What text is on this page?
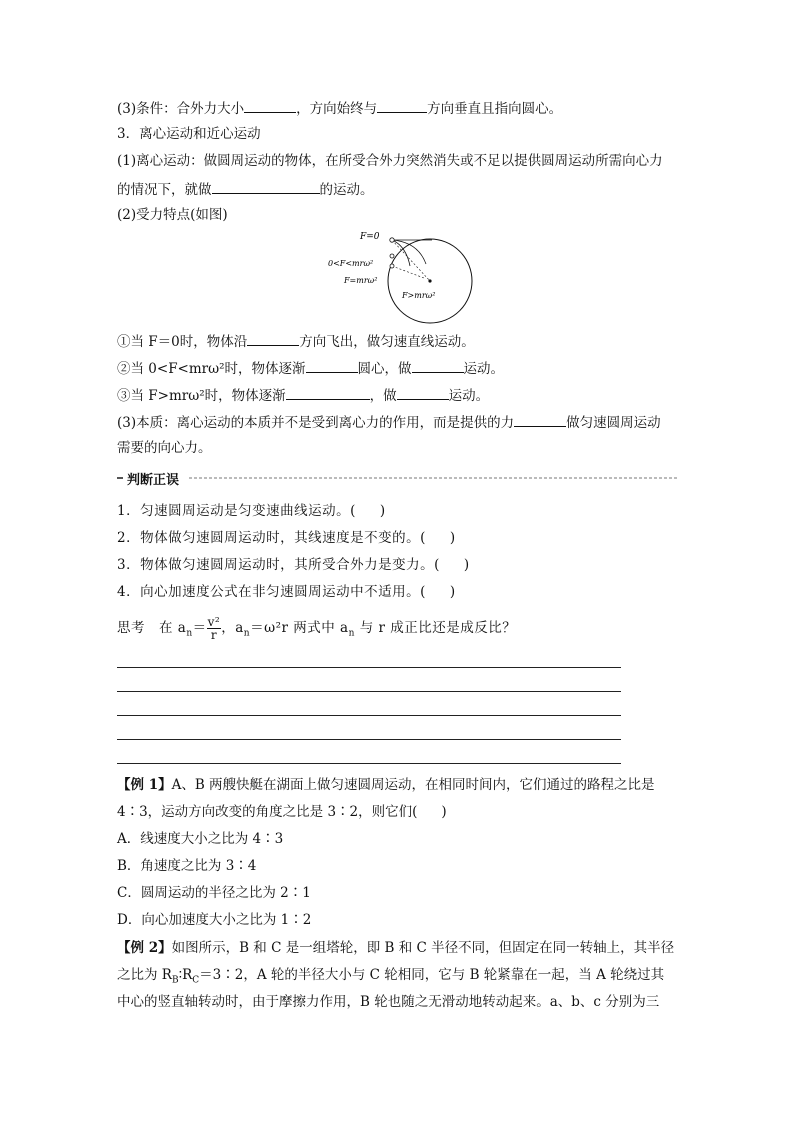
(3)条件：合外力大小	，方向始终与	方向垂直且指向圆心。
3．离心运动和近心运动
(1)离心运动：做圆周运动的物体，在所受合外力突然消失或不足以提供圆周运动所需向心力
的情况下，就做	的运动。
(2)受力特点(如图)
F=0
0<F<mrω²
F=mrω²
F>mrω²
①当 F＝0时，物体沿	方向飞出，做匀速直线运动。
②当 0<F<mrω²时，物体逐渐	圆心，做	运动。
③当 F>mrω²时，物体逐渐	，做	运动。
(3)本质：离心运动的本质并不是受到离心力的作用，而是提供的力	做匀速圆周运动
需要的向心力。
判断正误
1．匀速圆周运动是匀变速曲线运动。( )
2．物体做匀速圆周运动时，其线速度是不变的。( )
3．物体做匀速圆周运动时，其所受合外力是变力。( )
4．向心加速度公式在非匀速圆周运动中不适用。( )
思考　在 $a_n= \frac{\text{v²}}{r}$ ，$a_n=\omega^2r$ 两式中 $a_n$ 与 r 成正比还是成反比？
【例 1】A、B 两艘快艇在湖面上做匀速圆周运动，在相同时间内，它们通过的路程之比是
4∶3，运动方向改变的角度之比是 3∶2，则它们( )
A．线速度大小之比为 4∶3
B．角速度之比为 3∶4
C．圆周运动的半径之比为 2∶1
D．向心加速度大小之比为 1∶2
【例 2】如图所示，B 和 C 是一组塔轮，即 B 和 C 半径不同，但固定在同一转轴上，其半径
之比为 $R_B∶R_C=3∶2$，A 轮的半径大小与 C 轮相同，它与 B 轮紧靠在一起，当 A 轮绕过其
中心的竖直轴转动时，由于摩擦力作用，B 轮也随之无滑动地转动起来。a、b、c 分别为三
